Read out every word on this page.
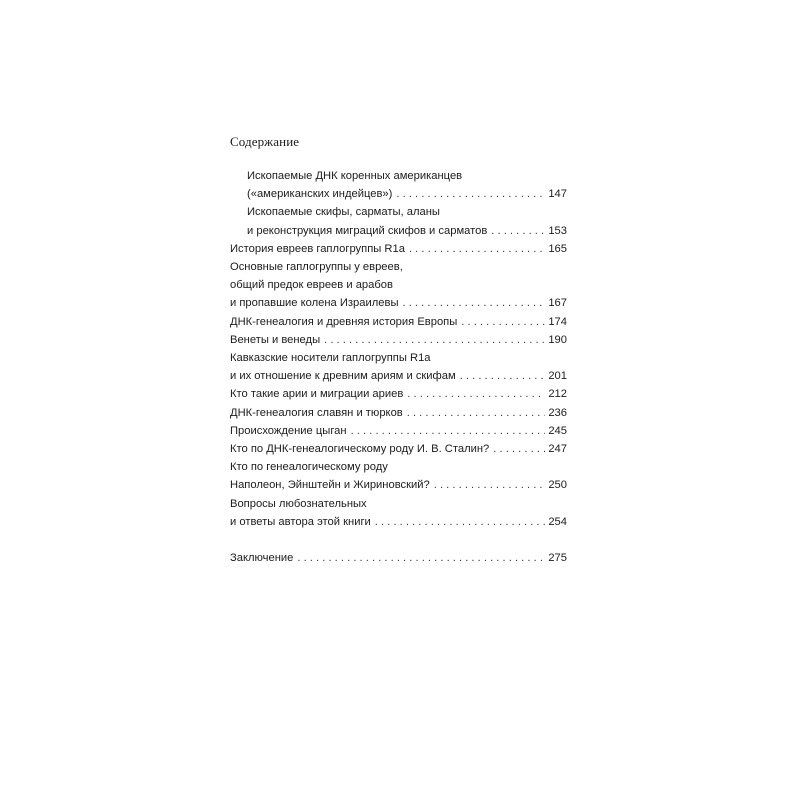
Содержание
Ископаемые ДНК коренных американцев
(«американских индейцев») . . .	147
Ископаемые скифы, сарматы, аланы
и реконструкция миграций скифов и сарматов . . .	153
История евреев гаплогруппы R1a . . .	165
Основные гаплогруппы у евреев,
общий предок евреев и арабов
и пропавшие колена Израилевы . . .	167
ДНК-генеалогия и древняя история Европы . . .	174
Венеты и венеды . . .	190
Кавказские носители гаплогруппы R1a
и их отношение к древним ариям и скифам . . .	201
Кто такие арии и миграции ариев . . .	212
ДНК-генеалогия славян и тюрков . . .	236
Происхождение цыган . . .	245
Кто по ДНК-генеалогическому роду И. В. Сталин? . . .	247
Кто по генеалогическому роду
Наполеон, Эйнштейн и Жириновский? . . .	250
Вопросы любознательных
и ответы автора этой книги . . .	254
Заключение . . .	275
